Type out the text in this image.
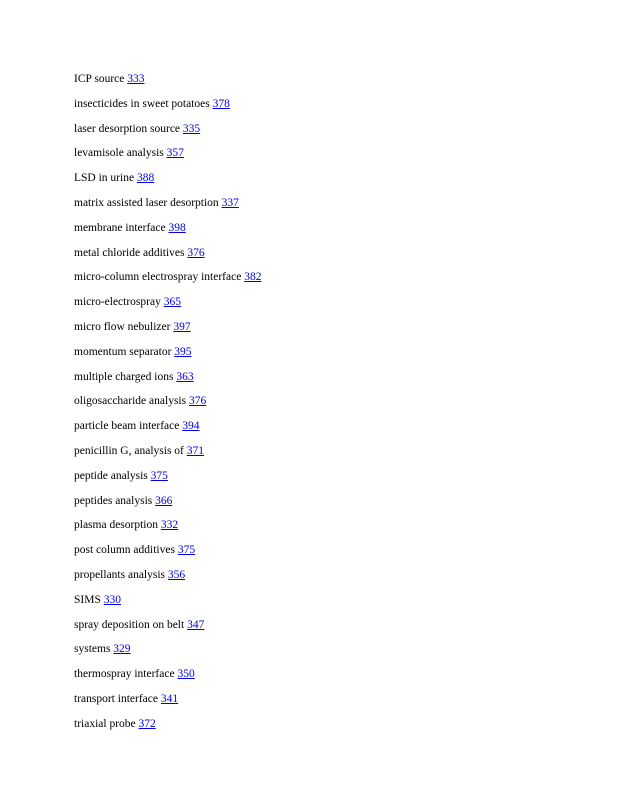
ICP source 333
insecticides in sweet potatoes 378
laser desorption source 335
levamisole analysis 357
LSD in urine 388
matrix assisted laser desorption 337
membrane interface 398
metal chloride additives 376
micro-column electrospray interface 382
micro-electrospray 365
micro flow nebulizer 397
momentum separator 395
multiple charged ions 363
oligosaccharide analysis 376
particle beam interface 394
penicillin G, analysis of 371
peptide analysis 375
peptides analysis 366
plasma desorption 332
post column additives 375
propellants analysis 356
SIMS 330
spray deposition on belt 347
systems 329
thermospray interface 350
transport interface 341
triaxial probe 372
